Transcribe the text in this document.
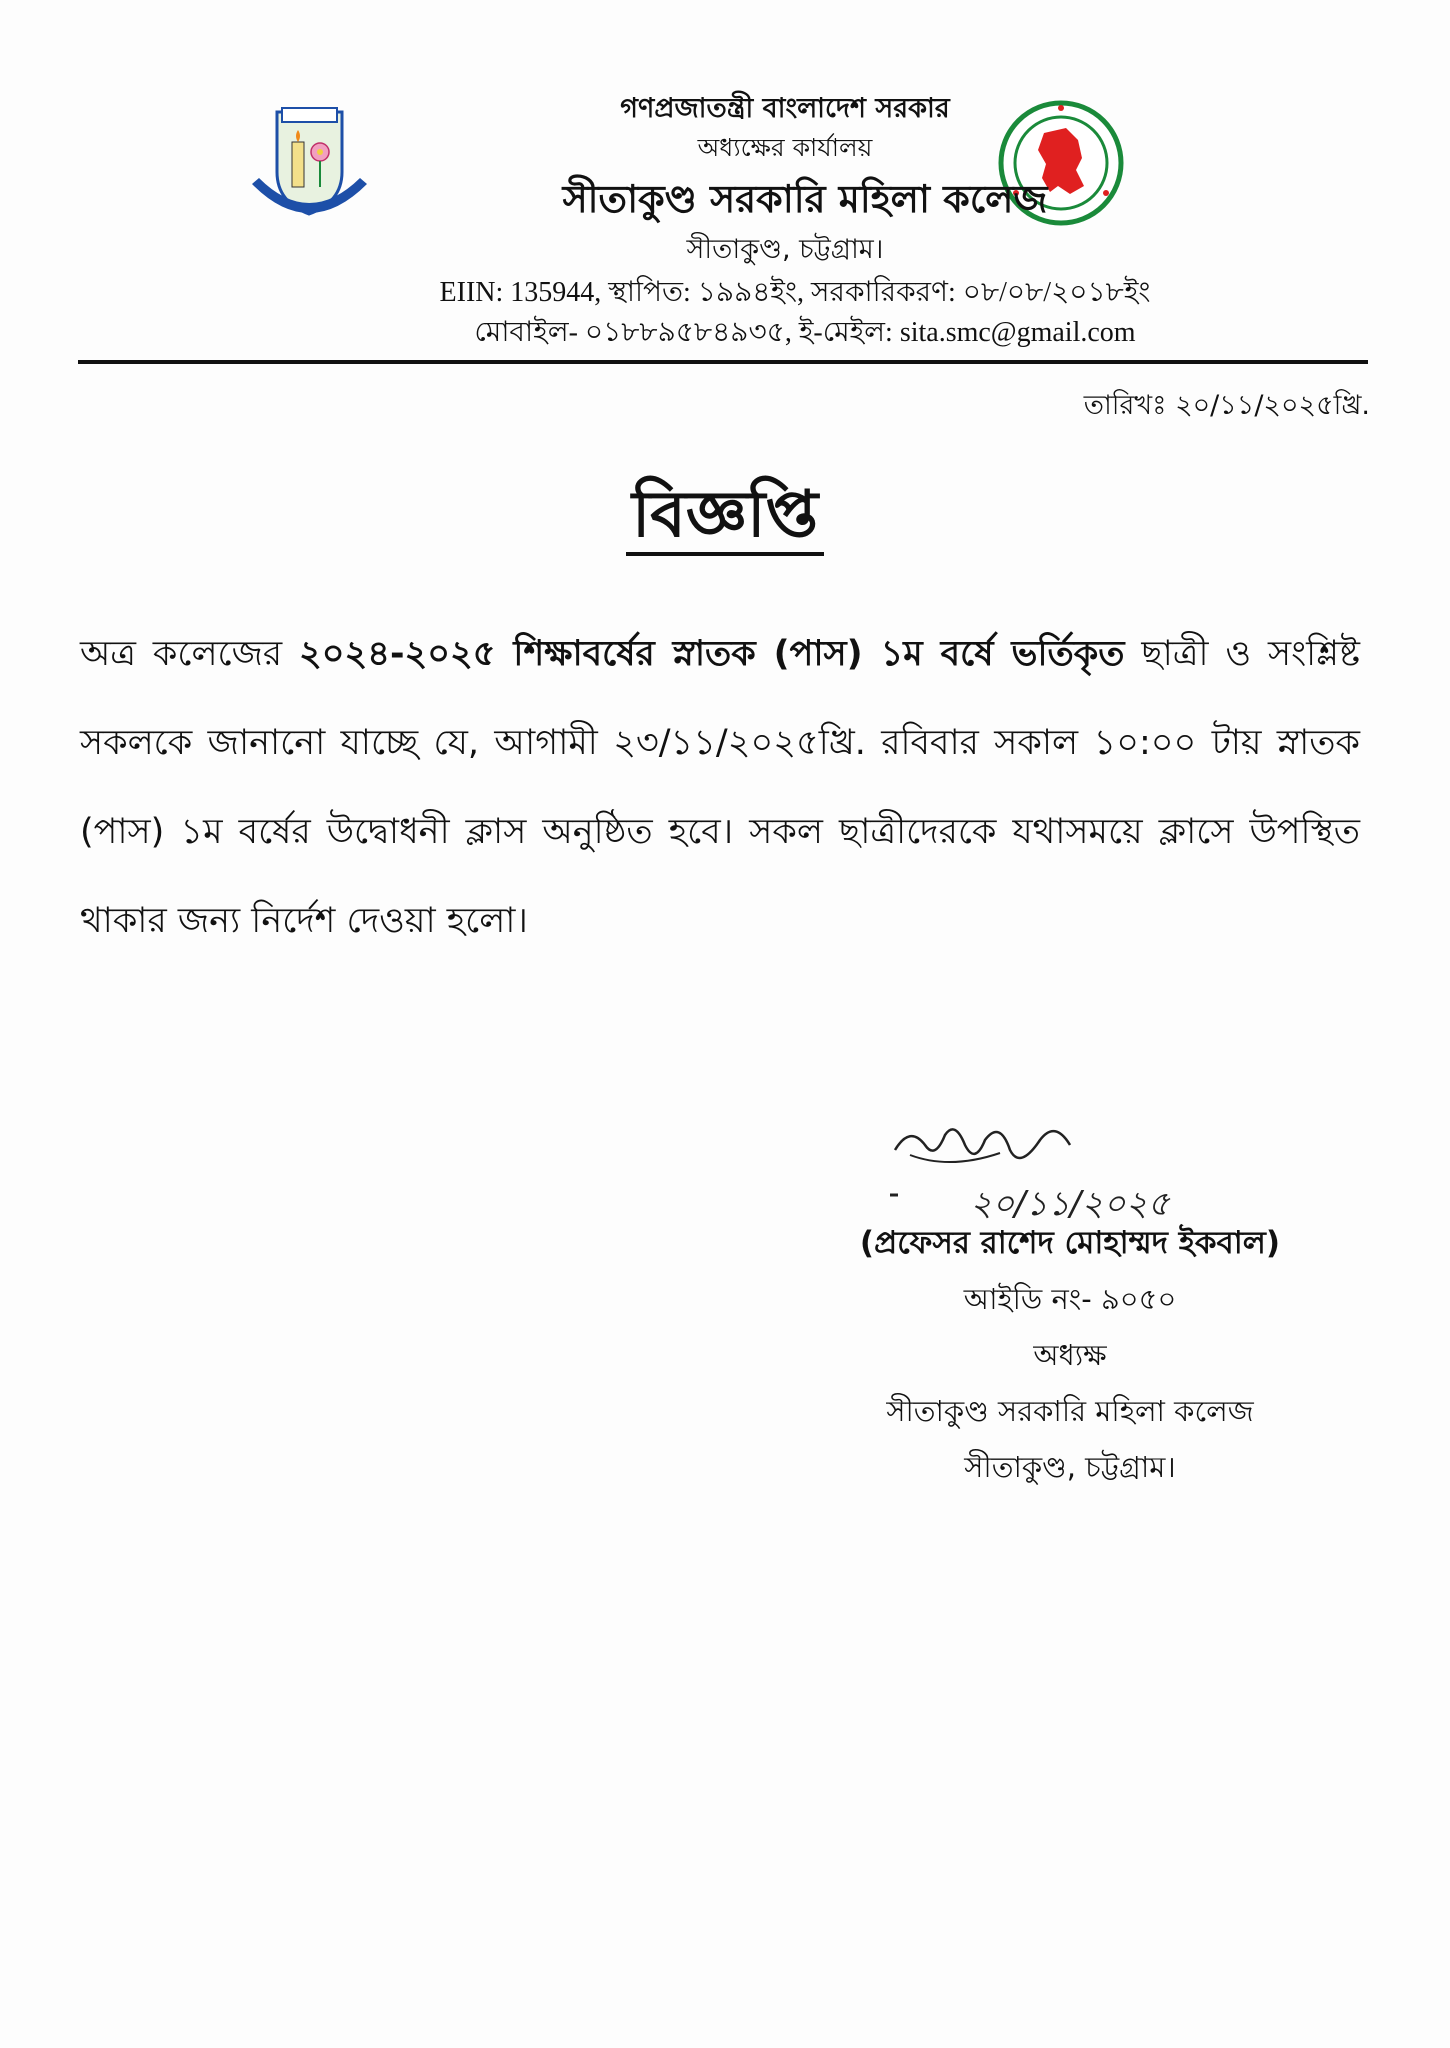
গণপ্রজাতন্ত্রী বাংলাদেশ সরকার
অধ্যক্ষের কার্যালয়
সীতাকুণ্ড সরকারি মহিলা কলেজ
সীতাকুণ্ড, চট্টগ্রাম।
EIIN: 135944, স্থাপিত: ১৯৯৪ইং, সরকারিকরণ: ০৮/০৮/২০১৮ইং
মোবাইল- ০১৮৮৯৫৮৪৯৩৫, ই-মেইল: sita.smc@gmail.com
তারিখঃ ২০/১১/২০২৫খ্রি.
বিজ্ঞপ্তি
অত্র কলেজের ২০২৪-২০২৫ শিক্ষাবর্ষের স্নাতক (পাস) ১ম বর্ষে ভর্তিকৃত ছাত্রী ও সংশ্লিষ্ট সকলকে জানানো যাচ্ছে যে, আগামী ২৩/১১/২০২৫খ্রি. রবিবার সকাল ১০:০০ টায় স্নাতক (পাস) ১ম বর্ষের উদ্বোধনী ক্লাস অনুষ্ঠিত হবে। সকল ছাত্রীদেরকে যথাসময়ে ক্লাসে উপস্থিত থাকার জন্য নির্দেশ দেওয়া হলো।
২০/১১/২০২৫
(প্রফেসর রাশেদ মোহাম্মদ ইকবাল)
আইডি নং- ৯০৫০
অধ্যক্ষ
সীতাকুণ্ড সরকারি মহিলা কলেজ
সীতাকুণ্ড, চট্টগ্রাম।
